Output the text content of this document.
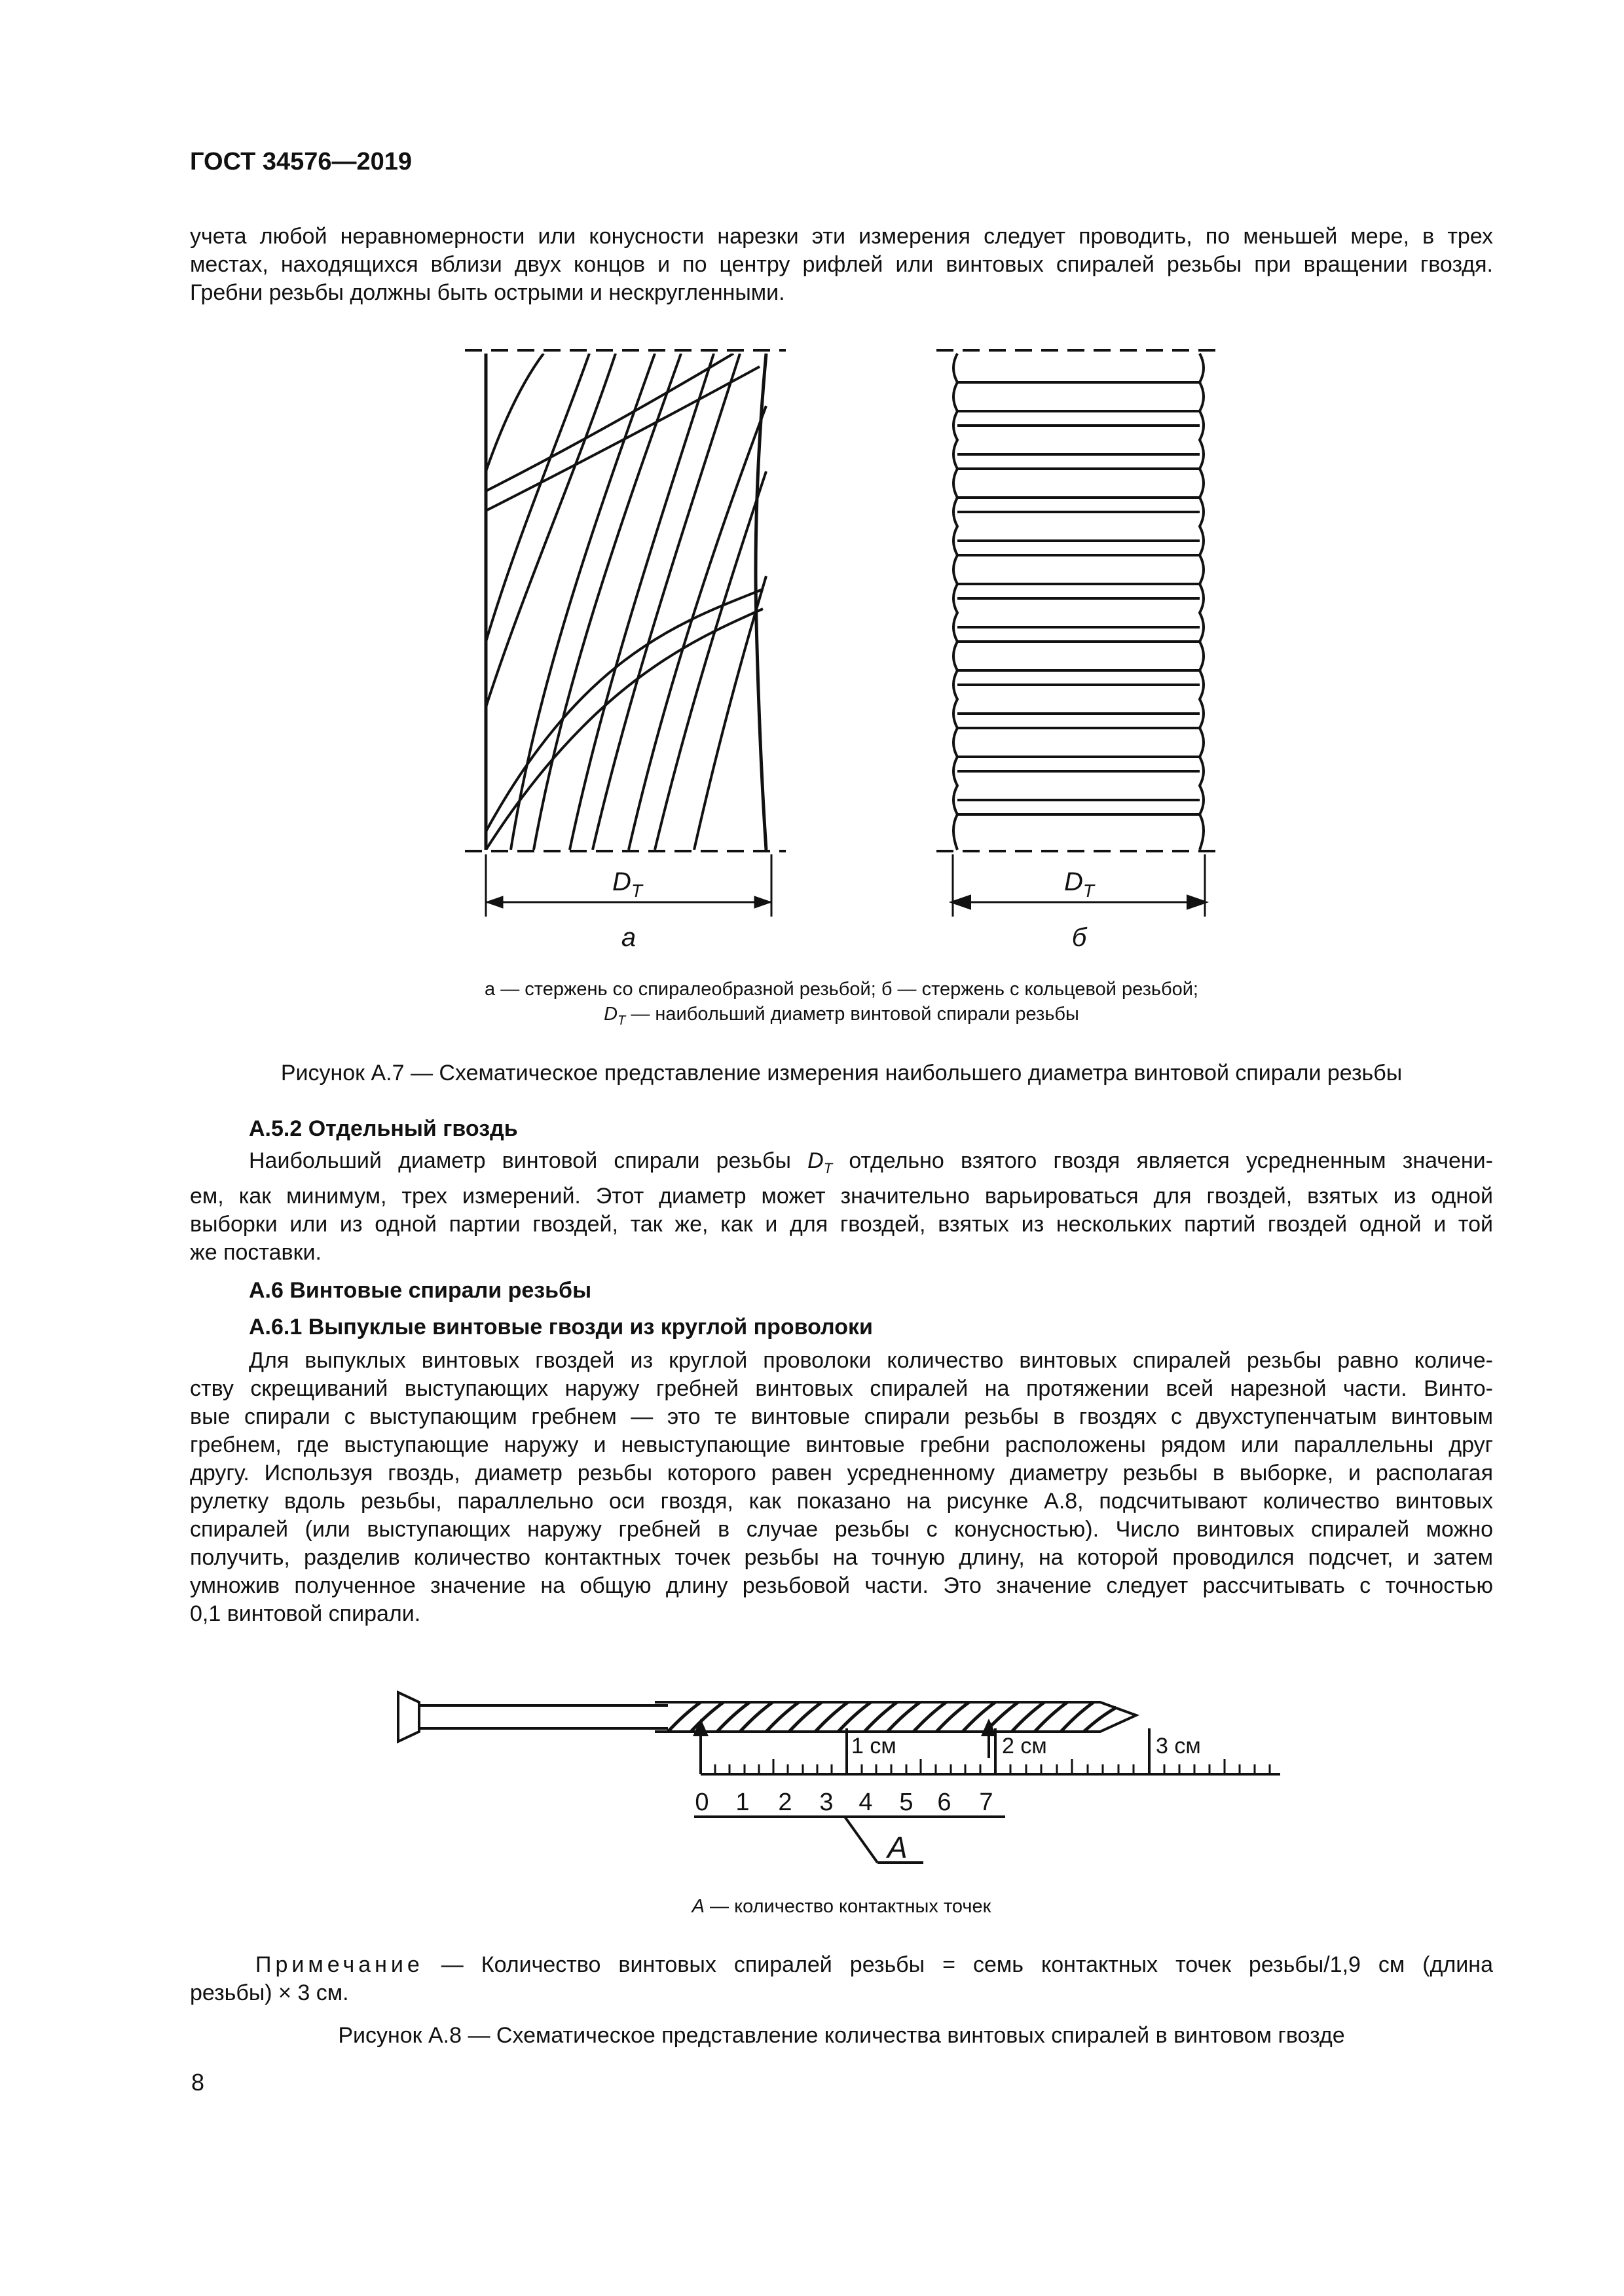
ГОСТ 34576—2019
учета любой неравномерности или конусности нарезки эти измерения следует проводить, по меньшей мере, в трех
местах, находящихся вблизи двух концов и по центру рифлей или винтовых спиралей резьбы при вращении гвоздя.
Гребни резьбы должны быть острыми и нескругленными.
$D_T$
а
$D_T$
б
а — стержень со спиралеобразной резьбой; б — стержень с кольцевой резьбой;
$D_T$ — наибольший диаметр винтовой спирали резьбы
Рисунок А.7 — Схематическое представление измерения наибольшего диаметра винтовой спирали резьбы
А.5.2 Отдельный гвоздь
Наибольший диаметр винтовой спирали резьбы $D_T$ отдельно взятого гвоздя является усредненным значени-
ем, как минимум, трех измерений. Этот диаметр может значительно варьироваться для гвоздей, взятых из одной
выборки или из одной партии гвоздей, так же, как и для гвоздей, взятых из нескольких партий гвоздей одной и той
же поставки.
А.6 Винтовые спирали резьбы
А.6.1 Выпуклые винтовые гвозди из круглой проволоки
Для выпуклых винтовых гвоздей из круглой проволоки количество винтовых спиралей резьбы равно количе-
ству скрещиваний выступающих наружу гребней винтовых спиралей на протяжении всей нарезной части. Винто-
вые спирали с выступающим гребнем — это те винтовые спирали резьбы в гвоздях с двухступенчатым винтовым
гребнем, где выступающие наружу и невыступающие винтовые гребни расположены рядом или параллельны друг
другу. Используя гвоздь, диаметр резьбы которого равен усредненному диаметру резьбы в выборке, и располагая
рулетку вдоль резьбы, параллельно оси гвоздя, как показано на рисунке А.8, подсчитывают количество винтовых
спиралей (или выступающих наружу гребней в случае резьбы с конусностью). Число винтовых спиралей можно
получить, разделив количество контактных точек резьбы на точную длину, на которой проводился подсчет, и затем
умножив полученное значение на общую длину резьбовой части. Это значение следует рассчитывать с точностью
0,1 винтовой спирали.
1 см	2 см	3 см
0 1 2 3 4 5 6 7
А
А — количество контактных точек
Примечание — Количество винтовых спиралей резьбы = семь контактных точек резьбы/1,9 см (длина
резьбы) × 3 см.
Рисунок А.8 — Схематическое представление количества винтовых спиралей в винтовом гвозде
8
